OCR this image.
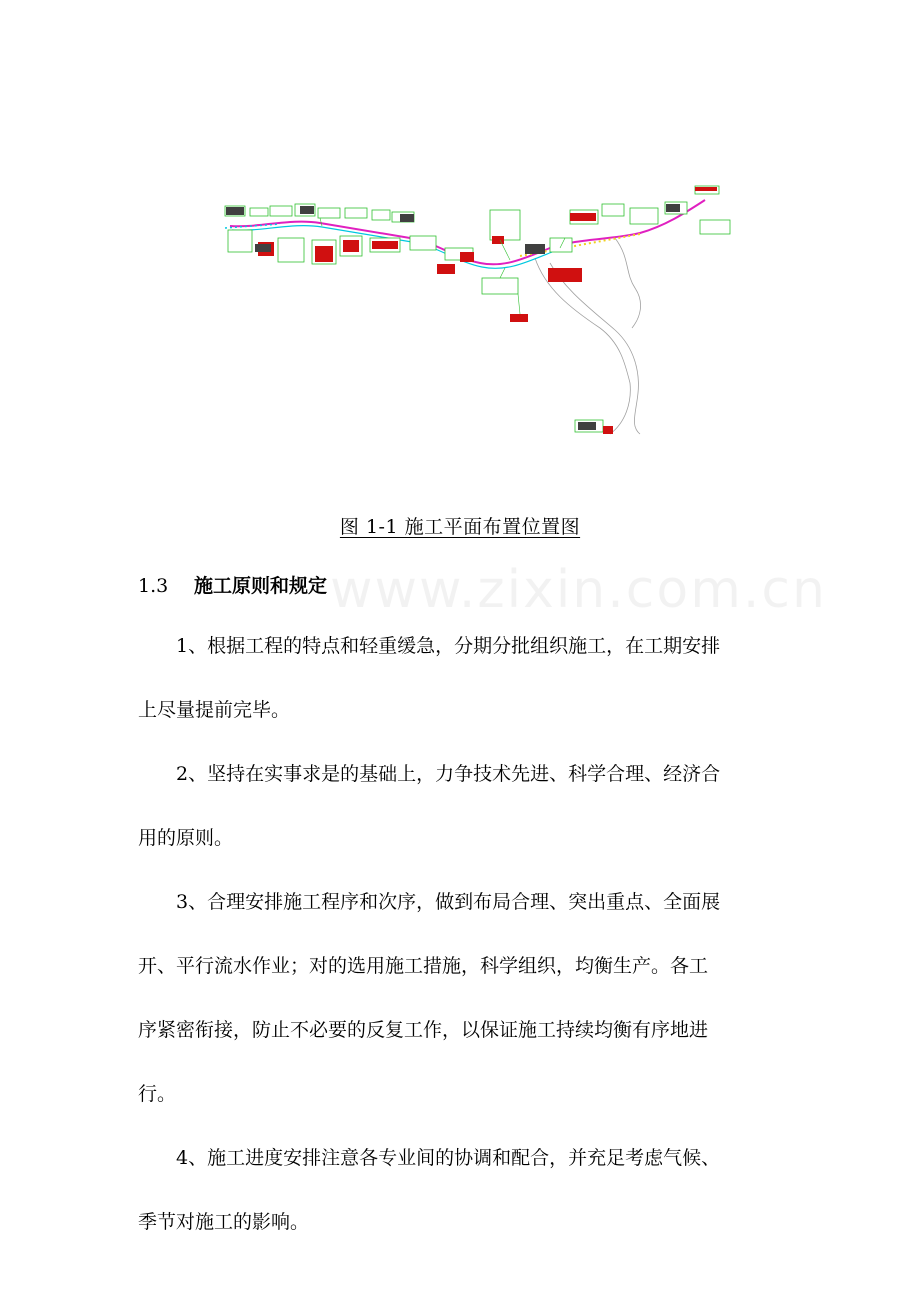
www.zixin.com.cn
图 1-1 施工平面布置位置图
1.3 施工原则和规定

1、根据工程的特点和轻重缓急，分期分批组织施工，在工期安排

上尽量提前完毕。

2、坚持在实事求是的基础上，力争技术先进、科学合理、经济合

用的原则。

3、合理安排施工程序和次序，做到布局合理、突出重点、全面展

开、平行流水作业；对的选用施工措施，科学组织，均衡生产。各工

序紧密衔接，防止不必要的反复工作，以保证施工持续均衡有序地进

行。

4、施工进度安排注意各专业间的协调和配合，并充足考虑气候、

季节对施工的影响。
